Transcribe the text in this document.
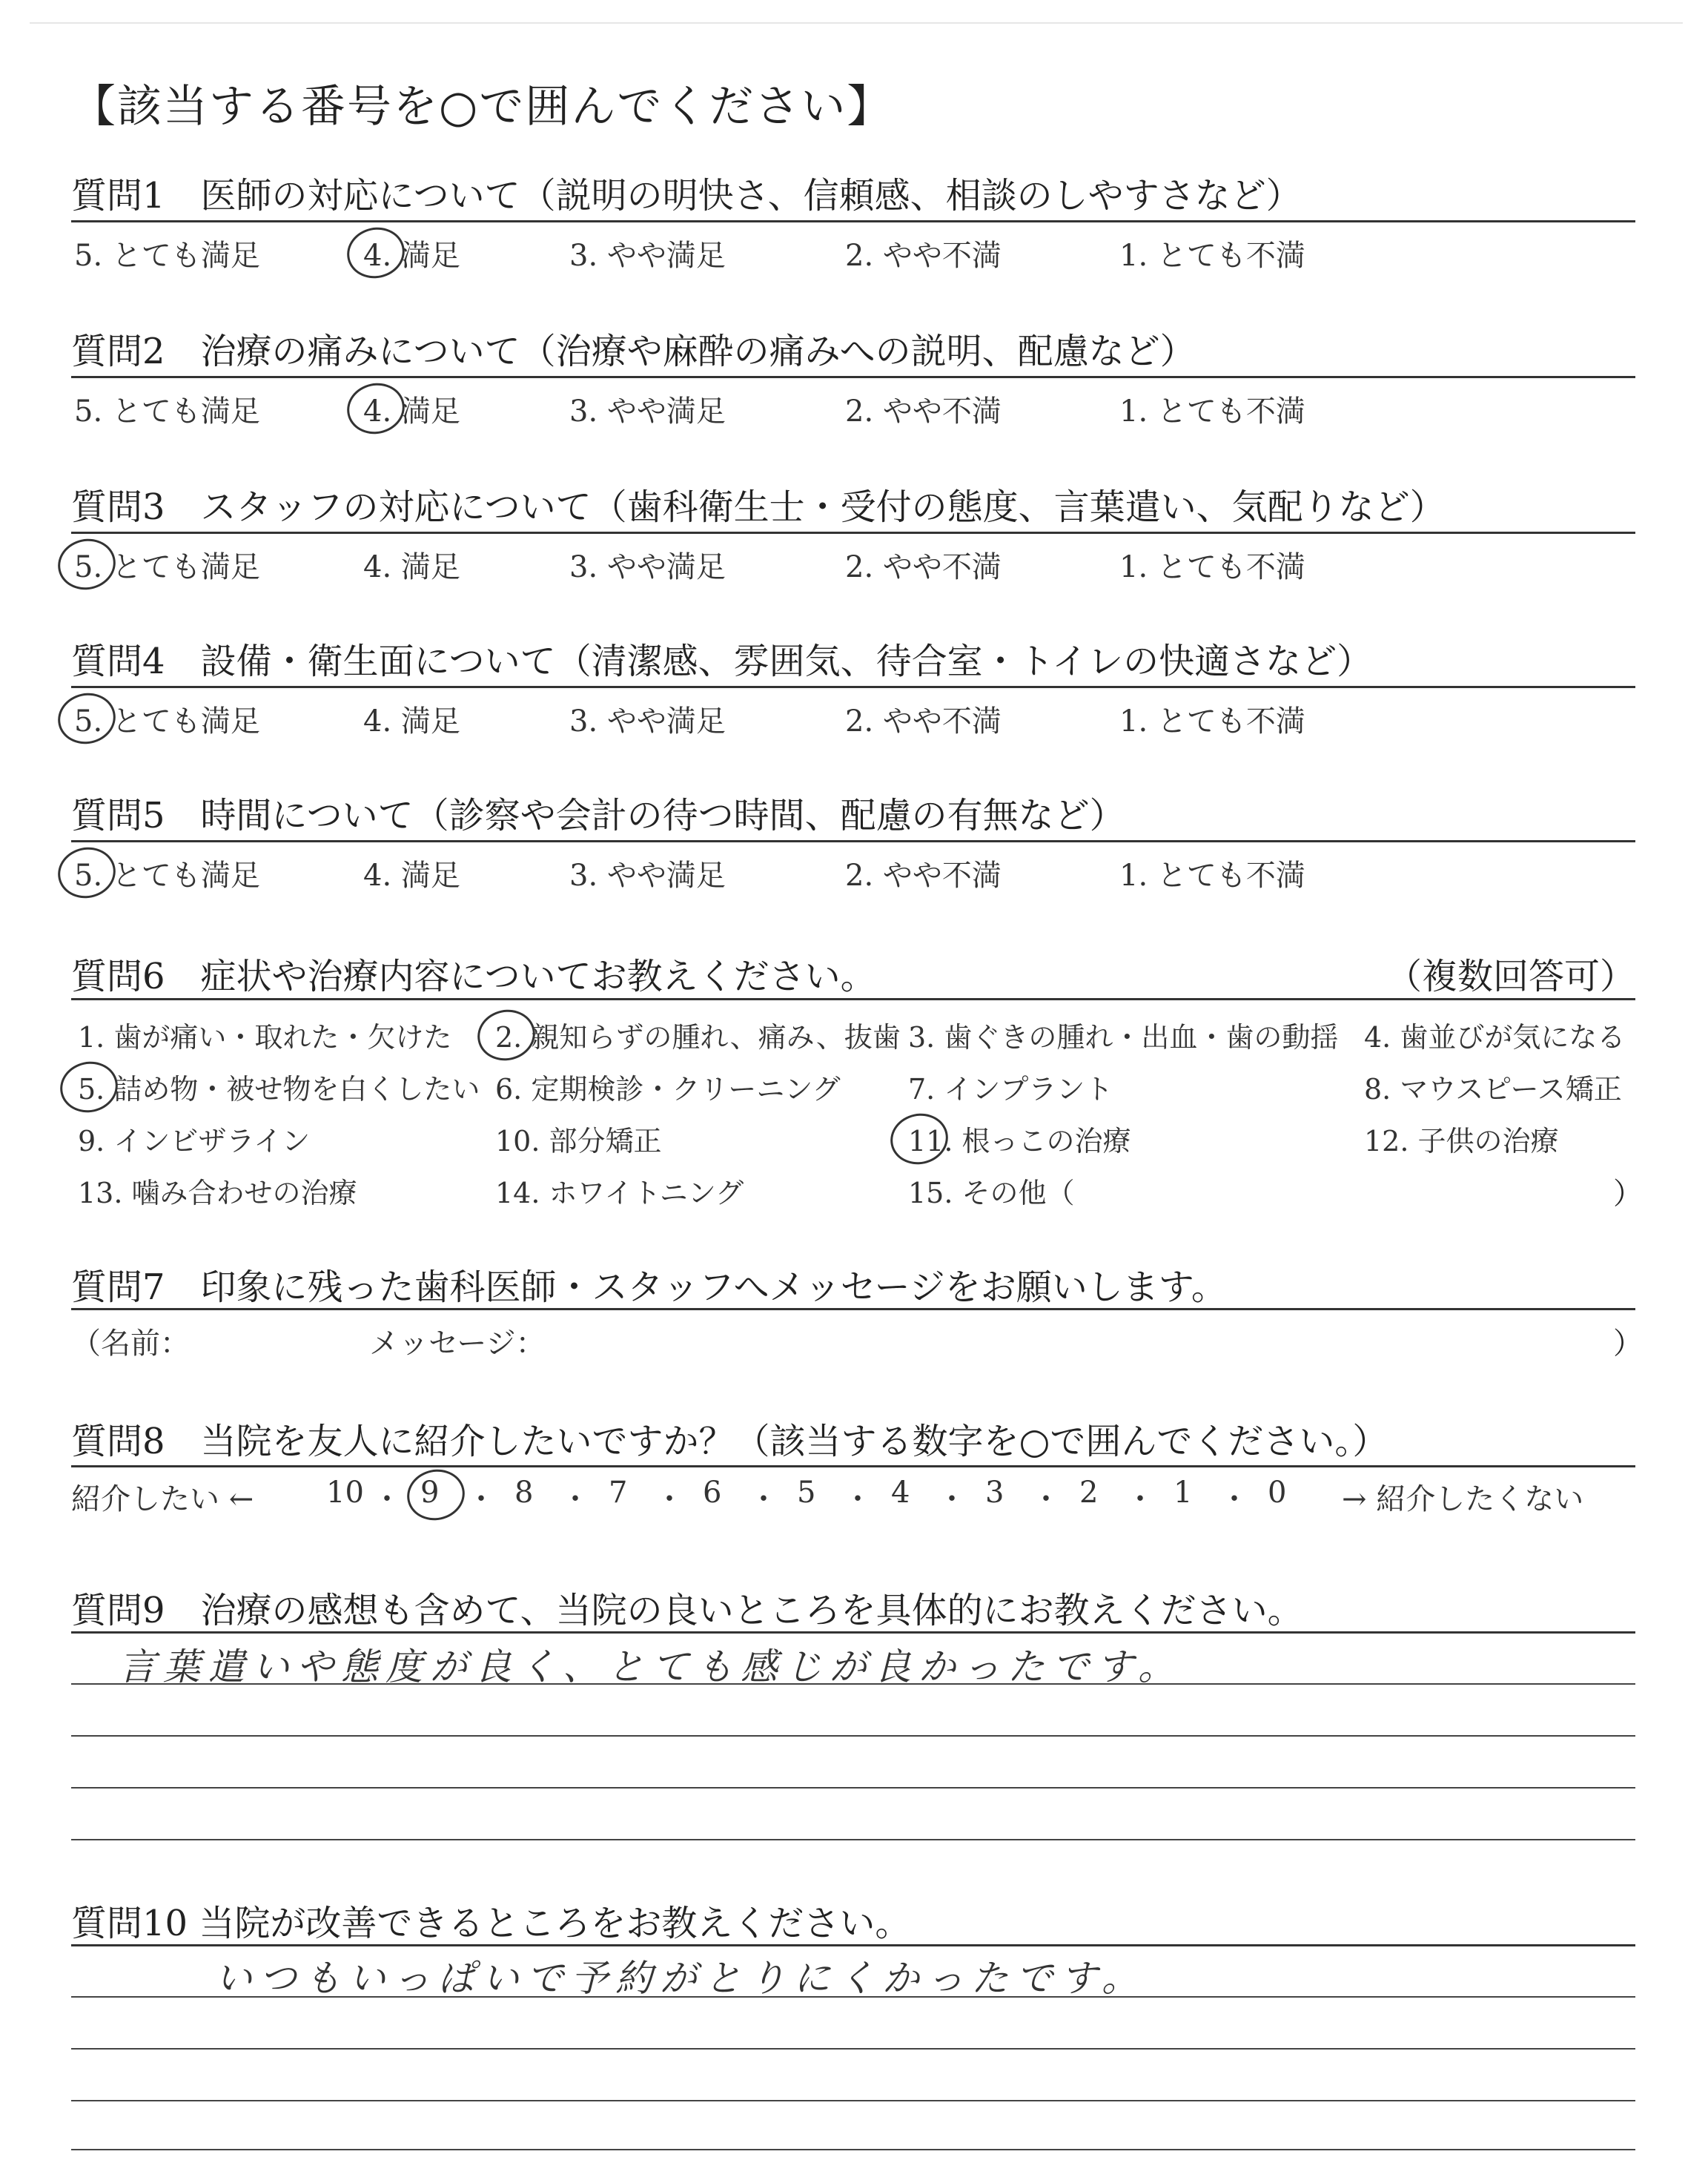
【該当する番号を○で囲んでください】
質問1　医師の対応について（説明の明快さ、信頼感、相談のしやすさなど）
5. とても満足	4. 満足	3. やや満足	2. やや不満	1. とても不満
質問2　治療の痛みについて（治療や麻酔の痛みへの説明、配慮など）
5. とても満足	4. 満足	3. やや満足	2. やや不満	1. とても不満
質問3　スタッフの対応について（歯科衛生士・受付の態度、言葉遣い、気配りなど）
5. とても満足	4. 満足	3. やや満足	2. やや不満	1. とても不満
質問4　設備・衛生面について（清潔感、雰囲気、待合室・トイレの快適さなど）
5. とても満足	4. 満足	3. やや満足	2. やや不満	1. とても不満
質問5　時間について（診察や会計の待つ時間、配慮の有無など）
5. とても満足	4. 満足	3. やや満足	2. やや不満	1. とても不満
質問6　症状や治療内容についてお教えください。	（複数回答可）
1. 歯が痛い・取れた・欠けた 2. 親知らずの腫れ、痛み、抜歯 3. 歯ぐきの腫れ・出血・歯の動揺 4. 歯並びが気になる
5. 詰め物・被せ物を白くしたい 6. 定期検診・クリーニング 7. インプラント	8. マウスピース矯正
9. インビザライン	10. 部分矯正	11. 根っこの治療	12. 子供の治療
13. 噛み合わせの治療	14. ホワイトニング	15. その他（	）
質問7　印象に残った歯科医師・スタッフへメッセージをお願いします。
（名前：	メッセージ：	）
質問8　当院を友人に紹介したいですか？（該当する数字を○で囲んでください。）
紹介したい ←	→ 紹介したくない
10 ・ 9 ・ 8 ・ 7 ・ 6 ・ 5 ・ 4 ・ 3 ・ 2 ・ 1 ・ 0
質問9　治療の感想も含めて、当院の良いところを具体的にお教えください。
言葉遣いや態度が良く、とても感じが良かったです。
質問10 当院が改善できるところをお教えください。
いつもいっぱいで予約がとりにくかったです。
